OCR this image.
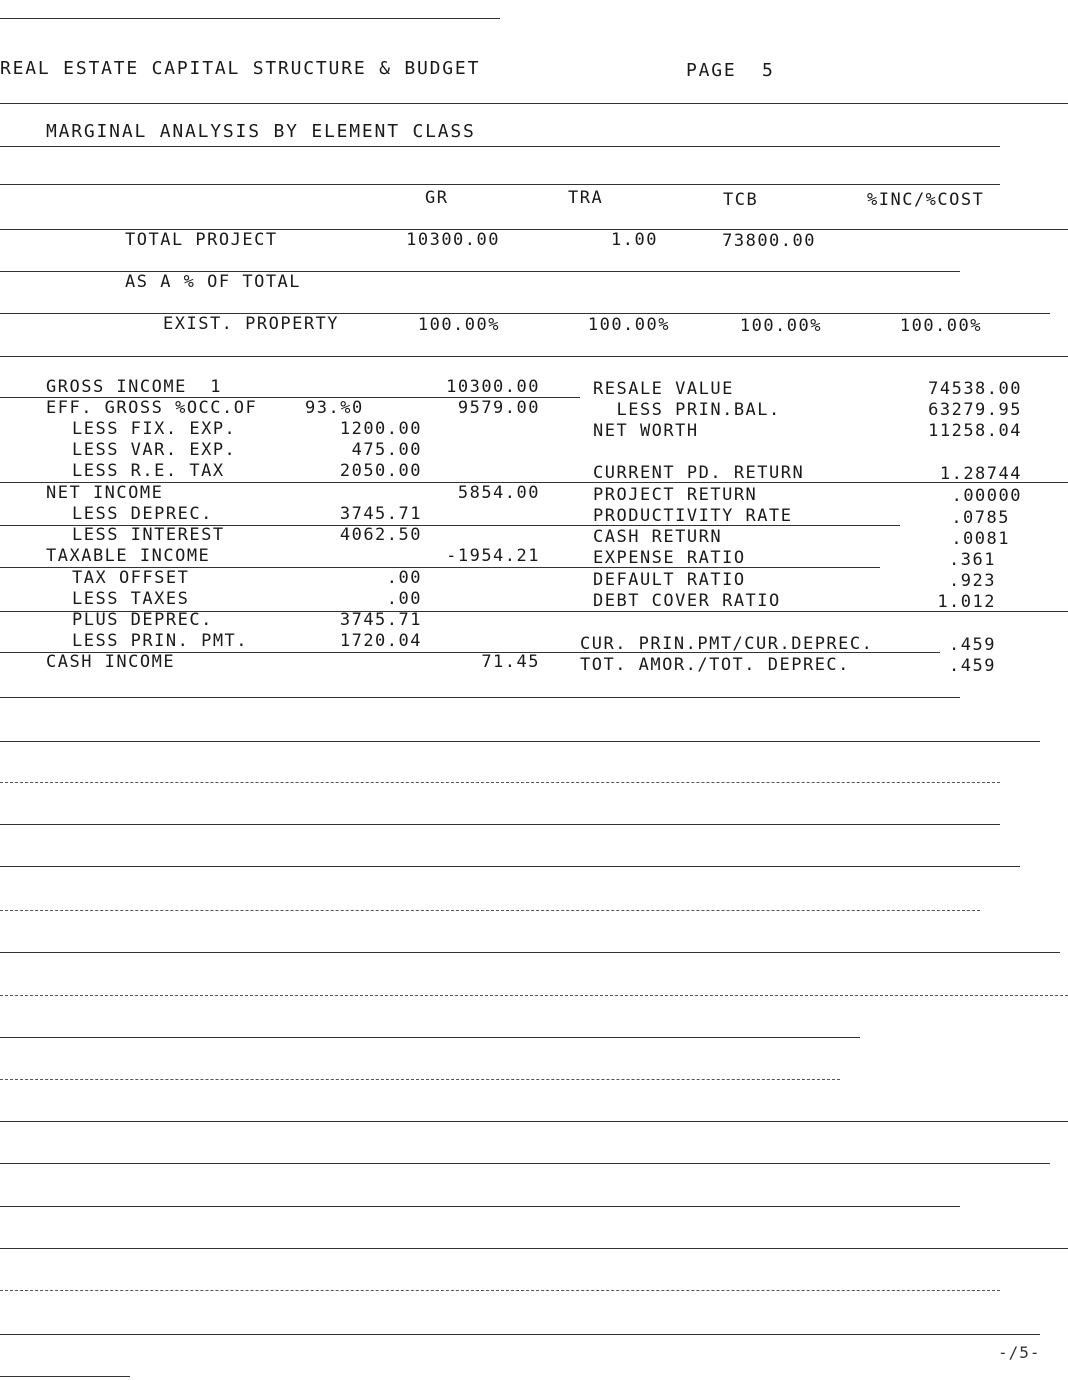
REAL ESTATE CAPITAL STRUCTURE & BUDGET	PAGE 5
MARGINAL ANALYSIS BY ELEMENT CLASS
GR	TRA	TCB	%INC/%COST
TOTAL PROJECT	10300.00	1.00	73800.00
AS A % OF TOTAL
EXIST. PROPERTY	100.00%	100.00%	100.00%	100.00%
GROSS INCOME  1	10300.00
EFF. GROSS %OCC.OF	93.%0	9579.00
LESS FIX. EXP.	1200.00
LESS VAR. EXP.	475.00
LESS R.E. TAX	2050.00
NET INCOME	5854.00
LESS DEPREC.	3745.71
LESS INTEREST	4062.50
TAXABLE INCOME	-1954.21
TAX OFFSET	.00
LESS TAXES	.00
PLUS DEPREC.	3745.71
LESS PRIN. PMT.	1720.04
CASH INCOME	71.45
RESALE VALUE	74538.00
LESS PRIN.BAL.	63279.95
NET WORTH	11258.04
CURRENT PD. RETURN	1.28744
PROJECT RETURN	.00000
PRODUCTIVITY RATE	.0785
CASH RETURN	.0081
EXPENSE RATIO	.361
DEFAULT RATIO	.923
DEBT COVER RATIO	1.012
CUR. PRIN.PMT/CUR.DEPREC.	.459
TOT. AMOR./TOT. DEPREC.	.459
-/5-
